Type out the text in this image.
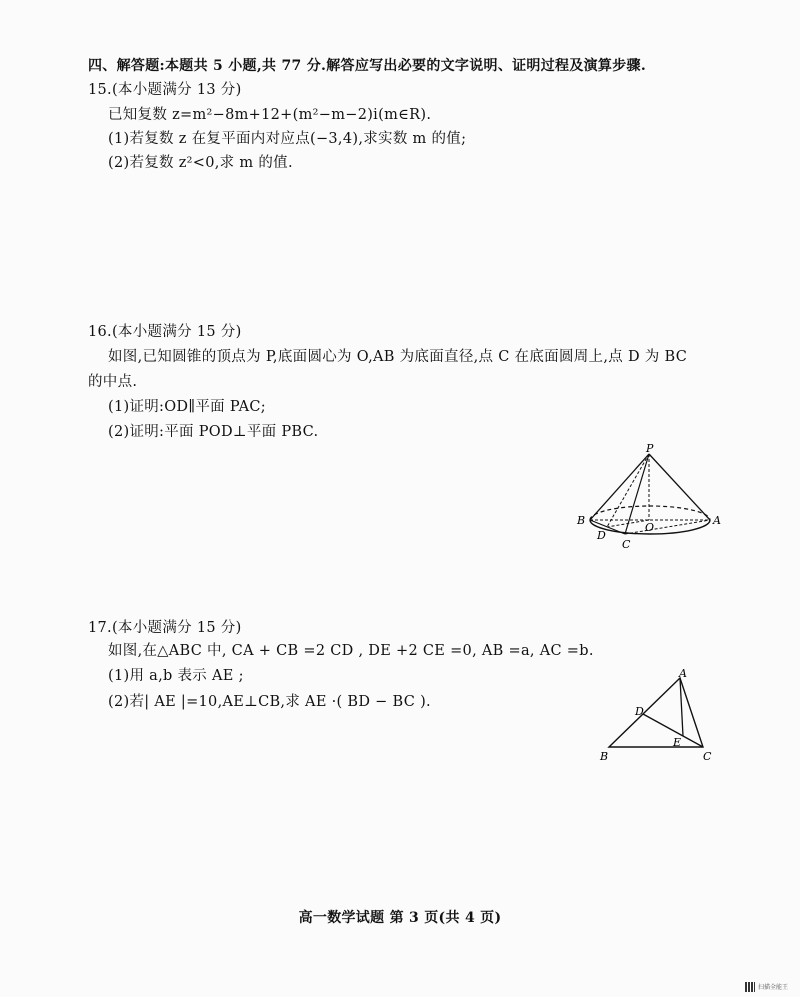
四、解答题:本题共 5 小题,共 77 分.解答应写出必要的文字说明、证明过程及演算步骤.
15.(本小题满分 13 分)
已知复数 z=m²−8m+12+(m²−m−2)i(m∈R).
(1)若复数 z 在复平面内对应点(−3,4),求实数 m 的值;
(2)若复数 z²<0,求 m 的值.
16.(本小题满分 15 分)
如图,已知圆锥的顶点为 P,底面圆心为 O,AB 为底面直径,点 C 在底面圆周上,点 D 为 BC
的中点.
(1)证明:OD∥平面 PAC;
(2)证明:平面 POD⊥平面 PBC.
P
B	A
D
C
O
17.(本小题满分 15 分)
如图,在△ABC 中, CA + CB =2 CD , DE +2 CE =0, AB =a, AC =b.
(1)用 a,b 表示 AE ;
(2)若| AE |=10,AE⊥CB,求 AE ·( BD − BC ).
A
D
E
B	C
高一数学试题 第 3 页(共 4 页)
扫描全能王
